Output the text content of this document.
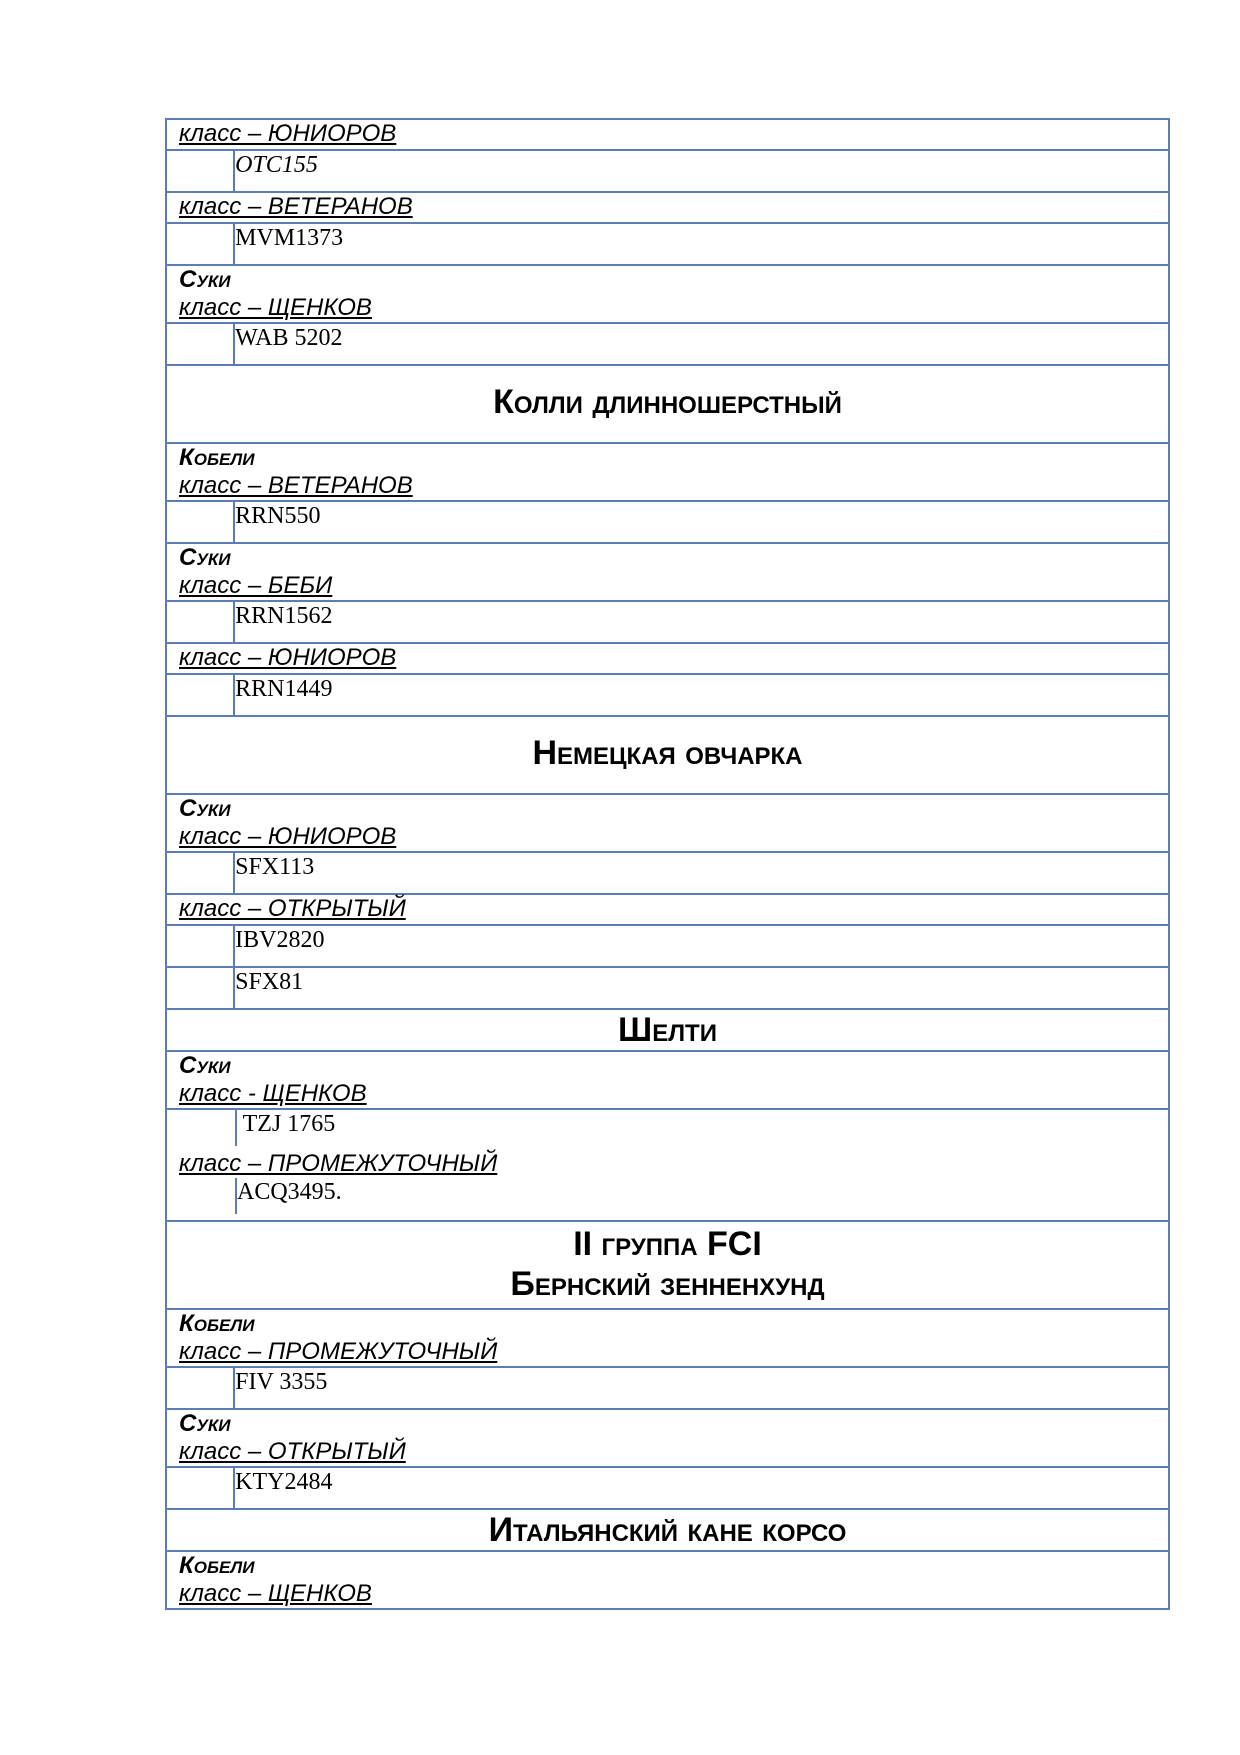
класс – ЮНИОРОВ

	OTC155

класс – ВЕТЕРАНОВ

	MVM1373

Суки
класс – ЩЕНКОВ

	WAB 5202

Колли длинношерстный

Кобели
класс – ВЕТЕРАНОВ

	RRN550

Суки
класс – БЕБИ

	RRN1562

класс – ЮНИОРОВ

	RRN1449

Немецкая овчарка

Суки
класс – ЮНИОРОВ

	SFX113

класс – ОТКРЫТЫЙ

	IBV2820
	SFX81

Шелти

Суки
класс - ЩЕНКОВ

	TZJ 1765

класс – ПРОМЕЖУТОЧНЫЙ

	ACQ3495.

II группа FCI
Бернский зенненхунд

Кобели
класс – ПРОМЕЖУТОЧНЫЙ

	FIV 3355

Суки
класс – ОТКРЫТЫЙ

	KTY2484

Итальянский кане корсо

Кобели
класс – ЩЕНКОВ
